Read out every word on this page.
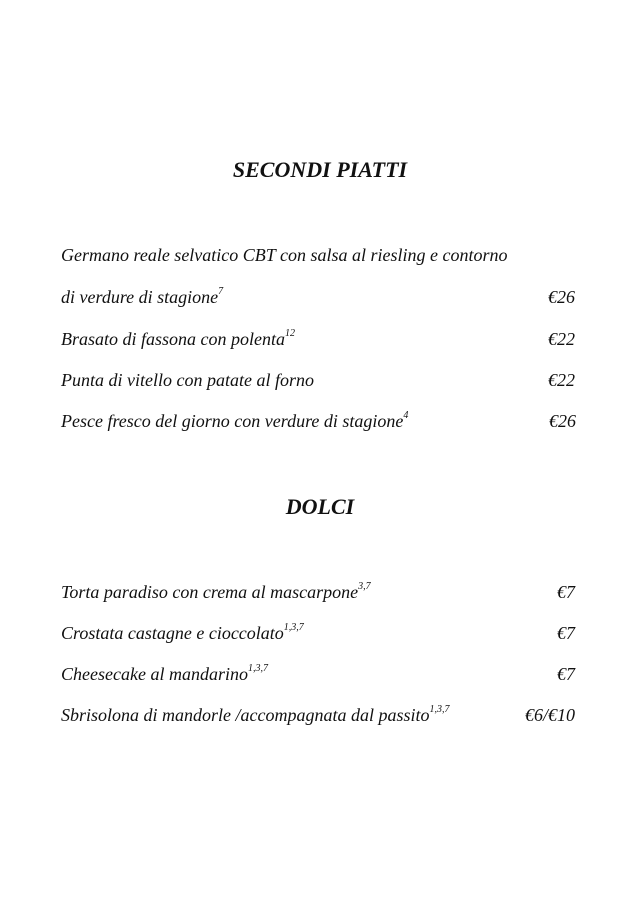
SECONDI PIATTI
Germano reale selvatico CBT con salsa al riesling e contorno
di verdure di stagione$^7$	€26
Brasato di fassona con polenta$^{12}$	€22
Punta di vitello con patate al forno	€22
Pesce fresco del giorno con verdure di stagione$^4$	€26
DOLCI
Torta paradiso con crema al mascarpone$^{3,7}$	€7
Crostata castagne e cioccolato$^{1,3,7}$	€7
Cheesecake al mandarino$^{1,3,7}$	€7
Sbrisolona di mandorle /accompagnata dal passito$^{1,3,7}$	€6/€10
